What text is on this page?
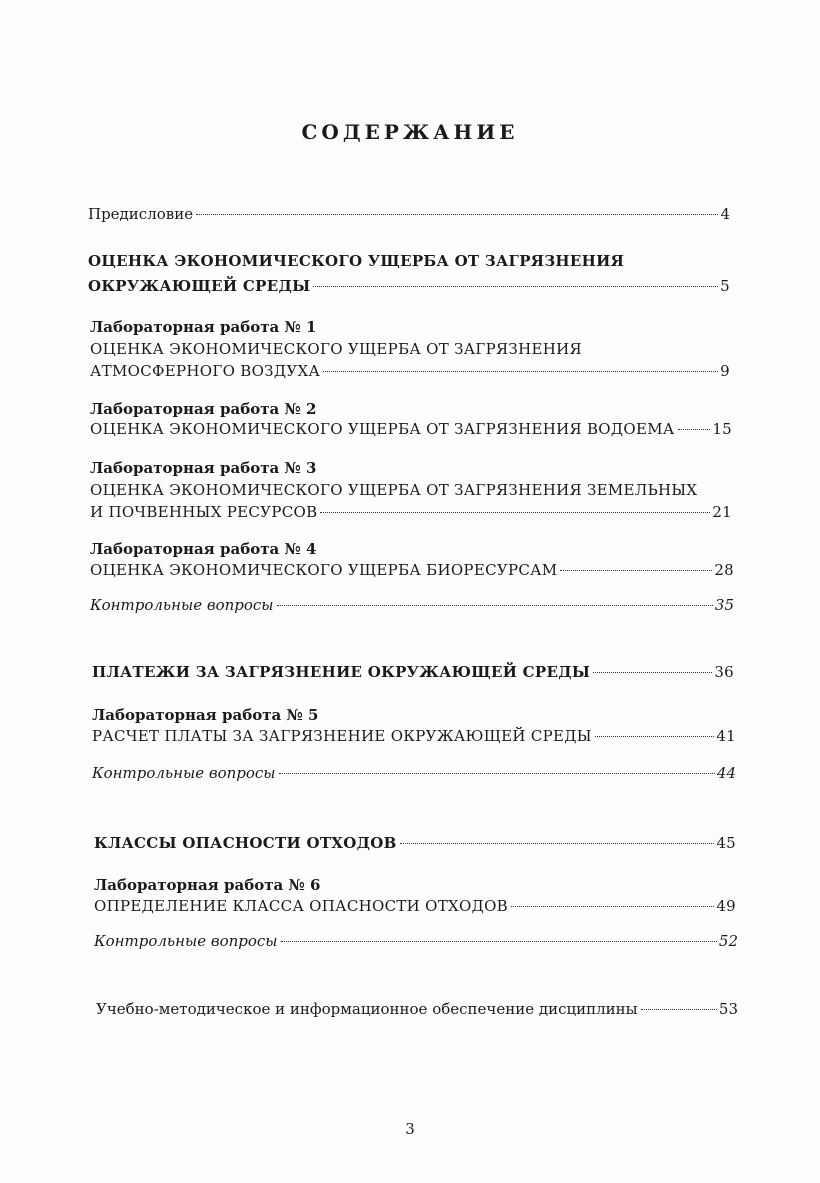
СОДЕРЖАНИЕ
Предисловие	4
ОЦЕНКА ЭКОНОМИЧЕСКОГО УЩЕРБА ОТ ЗАГРЯЗНЕНИЯ
ОКРУЖАЮЩЕЙ СРЕДЫ	5
Лабораторная работа № 1
ОЦЕНКА ЭКОНОМИЧЕСКОГО УЩЕРБА ОТ ЗАГРЯЗНЕНИЯ
АТМОСФЕРНОГО ВОЗДУХА	9
Лабораторная работа № 2
ОЦЕНКА ЭКОНОМИЧЕСКОГО УЩЕРБА ОТ ЗАГРЯЗНЕНИЯ ВОДОЕМА	15
Лабораторная работа № 3
ОЦЕНКА ЭКОНОМИЧЕСКОГО УЩЕРБА ОТ ЗАГРЯЗНЕНИЯ ЗЕМЕЛЬНЫХ
И ПОЧВЕННЫХ РЕСУРСОВ	21
Лабораторная работа № 4
ОЦЕНКА ЭКОНОМИЧЕСКОГО УЩЕРБА БИОРЕСУРСАМ	28
Контрольные вопросы	35
ПЛАТЕЖИ ЗА ЗАГРЯЗНЕНИЕ ОКРУЖАЮЩЕЙ СРЕДЫ	36
Лабораторная работа № 5
РАСЧЕТ ПЛАТЫ ЗА ЗАГРЯЗНЕНИЕ ОКРУЖАЮЩЕЙ СРЕДЫ	41
Контрольные вопросы	44
КЛАССЫ ОПАСНОСТИ ОТХОДОВ	45
Лабораторная работа № 6
ОПРЕДЕЛЕНИЕ КЛАССА ОПАСНОСТИ ОТХОДОВ	49
Контрольные вопросы	52
Учебно-методическое и информационное обеспечение дисциплины	53
3
